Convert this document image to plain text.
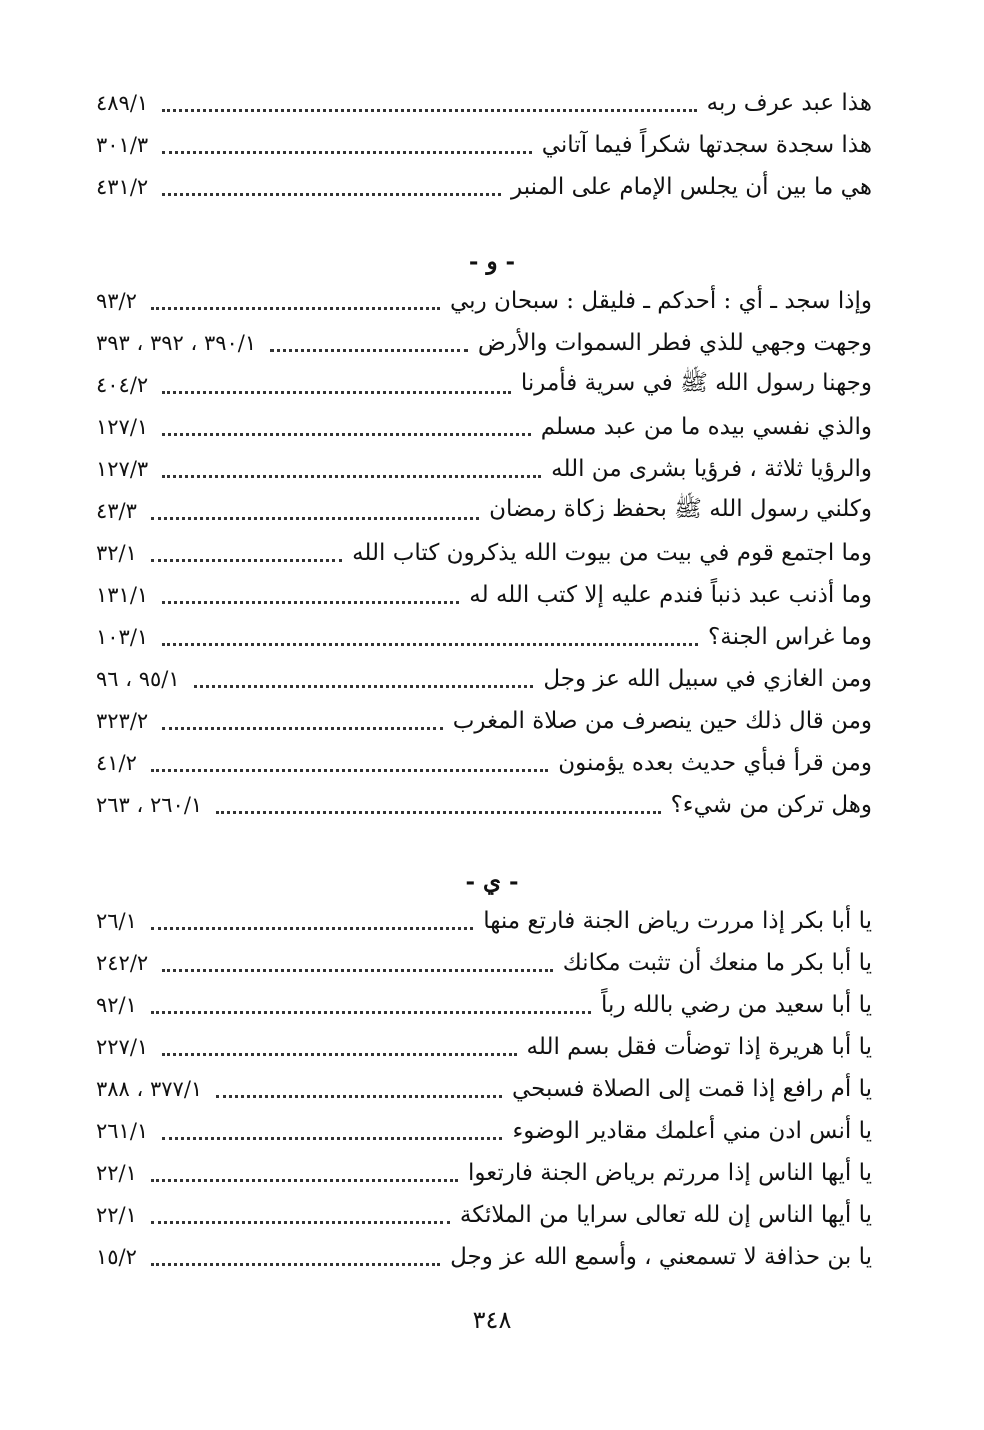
٤٨٩/١	هذا عبد عرف ربه
٣٠١/٣	هذا سجدة سجدتها شكراً فيما آتاني
٤٣١/٢	هي ما بين أن يجلس الإمام على المنبر
- و -
٩٣/٢	وإذا سجد ـ أي : أحدكم ـ فليقل : سبحان ربي
٣٩٠/١ ، ٣٩٢ ، ٣٩٣	وجهت وجهي للذي فطر السموات والأرض
٤٠٤/٢	وجهنا رسول الله ﷺ في سرية فأمرنا
١٢٧/١	والذي نفسي بيده ما من عبد مسلم
١٢٧/٣	والرؤيا ثلاثة ، فرؤيا بشرى من الله
٤٣/٣	وكلني رسول الله ﷺ بحفظ زكاة رمضان
٣٢/١	وما اجتمع قوم في بيت من بيوت الله يذكرون كتاب الله
١٣١/١	وما أذنب عبد ذنباً فندم عليه إلا كتب الله له
١٠٣/١	وما غراس الجنة؟
٩٥/١ ، ٩٦	ومن الغازي في سبيل الله عز وجل
٣٢٣/٢	ومن قال ذلك حين ينصرف من صلاة المغرب
٤١/٢	ومن قرأ فبأي حديث بعده يؤمنون
٢٦٠/١ ، ٢٦٣	وهل تركن من شيء؟
- ي -
٢٦/١	يا أبا بكر إذا مررت رياض الجنة فارتع منها
٢٤٢/٢	يا أبا بكر ما منعك أن تثبت مكانك
٩٢/١	يا أبا سعيد من رضي بالله رباً
٢٢٧/١	يا أبا هريرة إذا توضأت فقل بسم الله
٣٧٧/١ ، ٣٨٨	يا أم رافع إذا قمت إلى الصلاة فسبحي
٢٦١/١	يا أنس ادن مني أعلمك مقادير الوضوء
٢٢/١	يا أيها الناس إذا مررتم برياض الجنة فارتعوا
٢٢/١	يا أيها الناس إن لله تعالى سرايا من الملائكة
١٥/٢	يا بن حذافة لا تسمعني ، وأسمع الله عز وجل
٣٤٨
